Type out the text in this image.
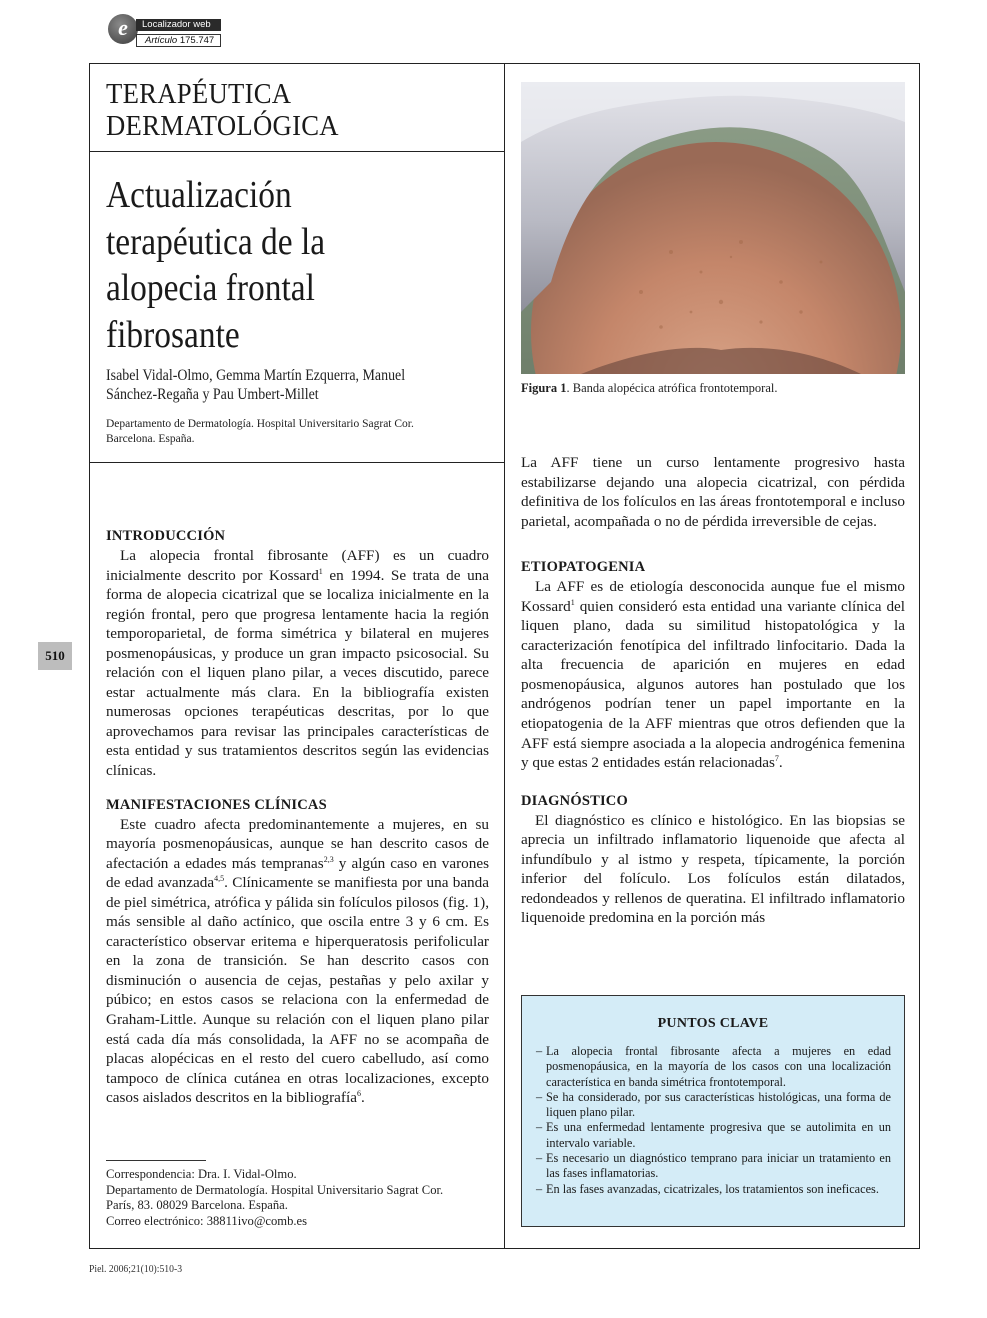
e	Localizador web
Artículo 175.747
TERAPÉUTICA
DERMATOLÓGICA
Actualización
terapéutica de la
alopecia frontal
fibrosante
Isabel Vidal-Olmo, Gemma Martín Ezquerra, Manuel
Sánchez-Regaña y Pau Umbert-Millet
Departamento de Dermatología. Hospital Universitario Sagrat Cor.
Barcelona. España.
510
INTRODUCCIÓN

La alopecia frontal fibrosante (AFF) es un cuadro inicialmente descrito por Kossard$^1$ en 1994. Se trata de una forma de alopecia cicatrizal que se localiza inicialmente en la región frontal, pero que progresa lentamente hacia la región temporoparietal, de forma simétrica y bilateral en mujeres posmenopáusicas, y produce un gran impacto psicosocial. Su relación con el liquen plano pilar, a veces discutido, parece estar actualmente más clara. En la bibliografía existen numerosas opciones terapéuticas descritas, por lo que aprovechamos para revisar las principales características de esta entidad y sus tratamientos descritos según las evidencias clínicas.

MANIFESTACIONES CLÍNICAS

Este cuadro afecta predominantemente a mujeres, en su mayoría posmenopáusicas, aunque se han descrito casos de afectación a edades más tempranas$^{2,3}$ y algún caso en varones de edad avanzada$^{4,5}$. Clínicamente se manifiesta por una banda de piel simétrica, atrófica y pálida sin folículos pilosos (fig. 1), más sensible al daño actínico, que oscila entre 3 y 6 cm. Es característico observar eritema e hiperqueratosis perifolicular en la zona de transición. Se han descrito casos con disminución o ausencia de cejas, pestañas y pelo axilar y púbico; en estos casos se relaciona con la enfermedad de Graham-Little. Aunque su relación con el liquen plano pilar está cada día más consolidada, la AFF no se acompaña de placas alopécicas en el resto del cuero cabelludo, así como tampoco de clínica cutánea en otras localizaciones, excepto casos aislados descritos en la bibliografía$^6$.

Figura 1. Banda alopécica atrófica frontotemporal.

La AFF tiene un curso lentamente progresivo hasta estabilizarse dejando una alopecia cicatrizal, con pérdida definitiva de los folículos en las áreas frontotemporal e incluso parietal, acompañada o no de pérdida irreversible de cejas.

ETIOPATOGENIA

La AFF es de etiología desconocida aunque fue el mismo Kossard$^1$ quien consideró esta entidad una variante clínica del liquen plano, dada su similitud histopatológica y la caracterización fenotípica del infiltrado linfocitario. Dada la alta frecuencia de aparición en mujeres en edad posmenopáusica, algunos autores han postulado que los andrógenos podrían tener un papel importante en la etiopatogenia de la AFF mientras que otros defienden que la AFF está siempre asociada a la alopecia androgénica femenina y que estas 2 entidades están relacionadas$^7$.

DIAGNÓSTICO

El diagnóstico es clínico e histológico. En las biopsias se aprecia un infiltrado inflamatorio liquenoide que afecta al infundíbulo y al istmo y respeta, típicamente, la porción inferior del folículo. Los folículos están dilatados, redondeados y rellenos de queratina. El infiltrado inflamatorio liquenoide predomina en la porción más

PUNTOS CLAVE
– La alopecia frontal fibrosante afecta a mujeres en edad posmenopáusica, en la mayoría de los casos con una localización característica en banda simétrica frontotemporal.
– Se ha considerado, por sus características histológicas, una forma de liquen plano pilar.
– Es una enfermedad lentamente progresiva que se autolimita en un intervalo variable.
– Es necesario un diagnóstico temprano para iniciar un tratamiento en las fases inflamatorias.
– En las fases avanzadas, cicatrizales, los tratamientos son ineficaces.
Correspondencia: Dra. I. Vidal-Olmo.
Departamento de Dermatología. Hospital Universitario Sagrat Cor.
París, 83. 08029 Barcelona. España.
Correo electrónico: 38811ivo@comb.es
Piel. 2006;21(10):510-3
